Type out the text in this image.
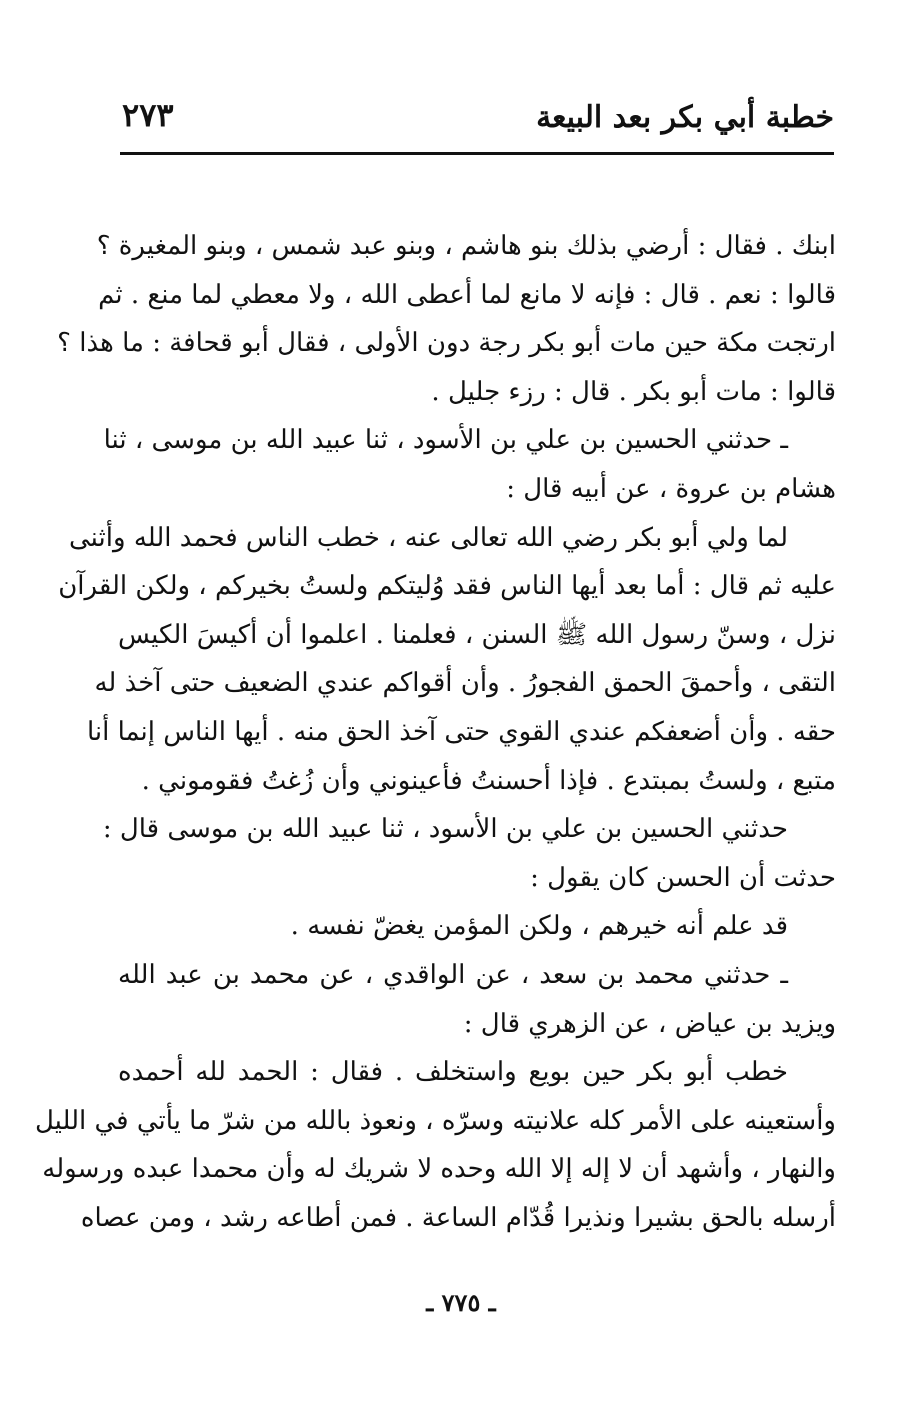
خطبة أبي بكر بعد البيعة
٢٧٣
ابنك . فقال : أرضي بذلك بنو هاشم ، وبنو عبد شمس ، وبنو المغيرة ؟
قالوا : نعم . قال : فإنه لا مانع لما أعطى الله ، ولا معطي لما منع . ثم
ارتجت مكة حين مات أبو بكر رجة دون الأولى ، فقال أبو قحافة : ما هذا ؟
قالوا : مات أبو بكر . قال : رزء جليل .
ـ حدثني الحسين بن علي بن الأسود ، ثنا عبيد الله بن موسى ، ثنا
هشام بن عروة ، عن أبيه قال :
لما ولي أبو بكر رضي الله تعالى عنه ، خطب الناس فحمد الله وأثنى
عليه ثم قال : أما بعد أيها الناس فقد وُليتكم ولستُ بخيركم ، ولكن القرآن
نزل ، وسنّ رسول الله ﷺ السنن ، فعلمنا . اعلموا أن أكيسَ الكيس
التقى ، وأحمقَ الحمق الفجورُ . وأن أقواكم عندي الضعيف حتى آخذ له
حقه . وأن أضعفكم عندي القوي حتى آخذ الحق منه . أيها الناس إنما أنا
متبع ، ولستُ بمبتدع . فإذا أحسنتُ فأعينوني وأن زُغتُ فقوموني .
حدثني الحسين بن علي بن الأسود ، ثنا عبيد الله بن موسى قال :
حدثت أن الحسن كان يقول :
قد علم أنه خيرهم ، ولكن المؤمن يغضّ نفسه .
ـ حدثني محمد بن سعد ، عن الواقدي ، عن محمد بن عبد الله
ويزيد بن عياض ، عن الزهري قال :
خطب أبو بكر حين بويع واستخلف . فقال : الحمد لله أحمده
وأستعينه على الأمر كله علانيته وسرّه ، ونعوذ بالله من شرّ ما يأتي في الليل
والنهار ، وأشهد أن لا إله إلا الله وحده لا شريك له وأن محمدا عبده ورسوله
أرسله بالحق بشيرا ونذيرا قُدّام الساعة . فمن أطاعه رشد ، ومن عصاه
ـ ٧٧٥ ـ
